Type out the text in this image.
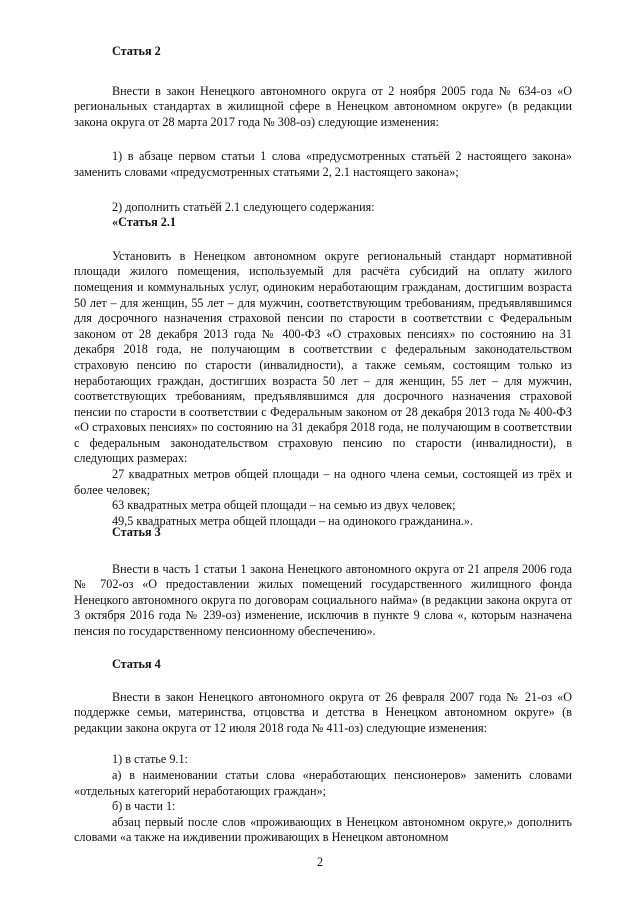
Статья 2

Внести в закон Ненецкого автономного округа от 2 ноября 2005 года № 634-оз «О региональных стандартах в жилищной сфере в Ненецком автономном округе» (в редакции закона округа от 28 марта 2017 года № 308-оз) следующие изменения:

1) в абзаце первом статьи 1 слова «предусмотренных статьёй 2 настоящего закона» заменить словами «предусмотренных статьями 2, 2.1 настоящего закона»;

2) дополнить статьёй 2.1 следующего содержания:

«Статья 2.1

Установить в Ненецком автономном округе региональный стандарт нормативной площади жилого помещения, используемый для расчёта субсидий на оплату жилого помещения и коммунальных услуг, одиноким неработающим гражданам, достигшим возраста 50 лет – для женщин, 55 лет – для мужчин, соответствующим требованиям, предъявлявшимся для досрочного назначения страховой пенсии по старости в соответствии с Федеральным законом от 28 декабря 2013 года № 400-ФЗ «О страховых пенсиях» по состоянию на 31 декабря 2018 года, не получающим в соответствии с федеральным законодательством страховую пенсию по старости (инвалидности), а также семьям, состоящим только из неработающих граждан, достигших возраста 50 лет – для женщин, 55 лет – для мужчин, соответствующих требованиям, предъявлявшимся для досрочного назначения страховой пенсии по старости в соответствии с Федеральным законом от 28 декабря 2013 года № 400-ФЗ «О страховых пенсиях» по состоянию на 31 декабря 2018 года, не получающим в соответствии с федеральным законодательством страховую пенсию по старости (инвалидности), в следующих размерах:

27 квадратных метров общей площади – на одного члена семьи, состоящей из трёх и более человек;

63 квадратных метра общей площади – на семью из двух человек;

49,5 квадратных метра общей площади – на одинокого гражданина.».

Статья 3

Внести в часть 1 статьи 1 закона Ненецкого автономного округа от 21 апреля 2006 года № 702-оз «О предоставлении жилых помещений государственного жилищного фонда Ненецкого автономного округа по договорам социального найма» (в редакции закона округа от 3 октября 2016 года № 239-оз) изменение, исключив в пункте 9 слова «, которым назначена пенсия по государственному пенсионному обеспечению».

Статья 4

Внести в закон Ненецкого автономного округа от 26 февраля 2007 года № 21-оз «О поддержке семьи, материнства, отцовства и детства в Ненецком автономном округе» (в редакции закона округа от 12 июля 2018 года № 411-оз) следующие изменения:

1) в статье 9.1:

а) в наименовании статьи слова «неработающих пенсионеров» заменить словами «отдельных категорий неработающих граждан»;

б) в части 1:

абзац первый после слов «проживающих в Ненецком автономном округе,» дополнить словами «а также на иждивении проживающих в Ненецком автономном

2
